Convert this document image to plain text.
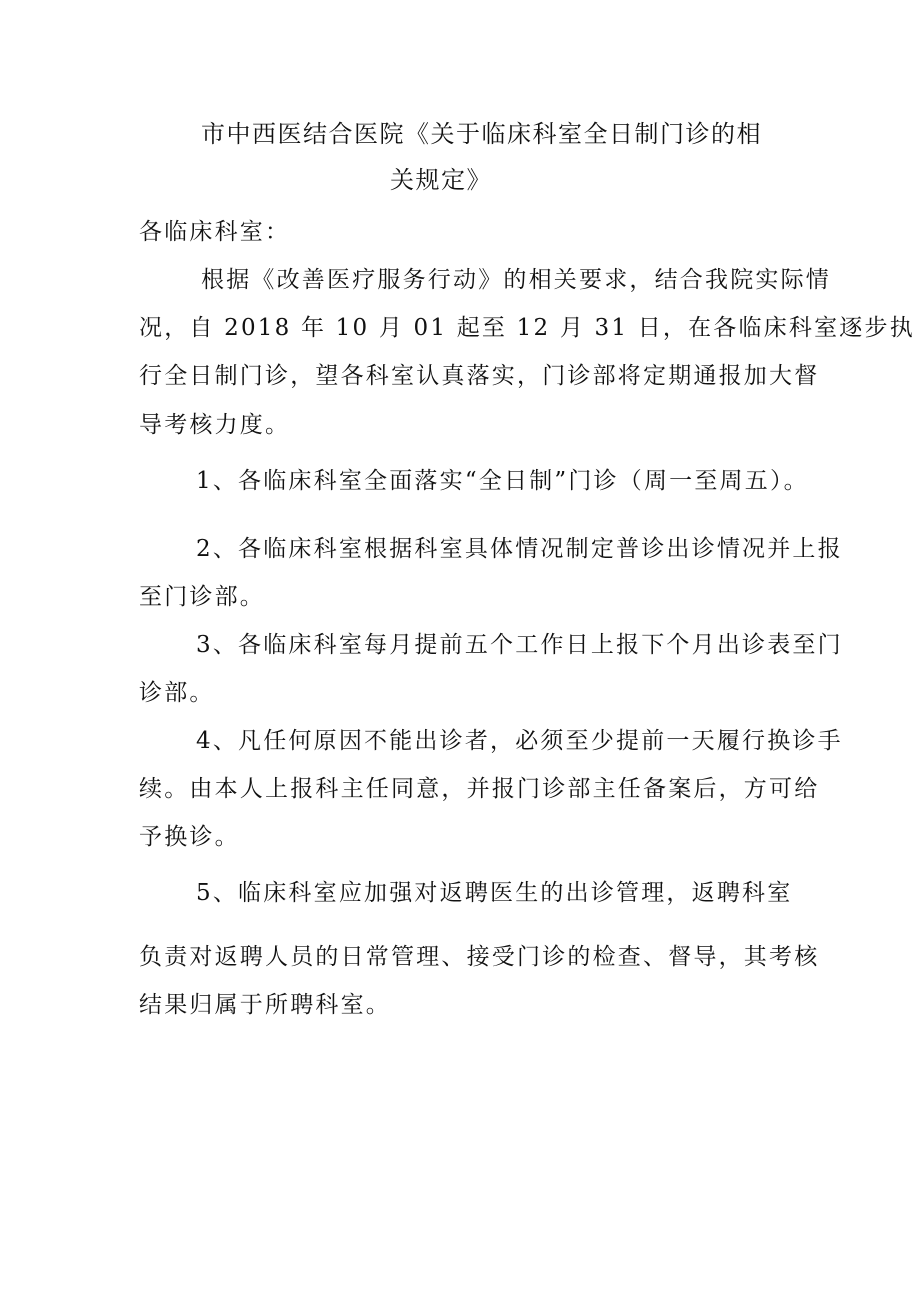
市中西医结合医院《关于临床科室全日制门诊的相

关规定》

各临床科室：

根据《改善医疗服务行动》的相关要求，结合我院实际情

况，自 2018 年 10 月 01 起至 12 月 31 日，在各临床科室逐步执

行全日制门诊，望各科室认真落实，门诊部将定期通报加大督

导考核力度。

1、各临床科室全面落实“全日制”门诊（周一至周五）。

2、各临床科室根据科室具体情况制定普诊出诊情况并上报

至门诊部。

3、各临床科室每月提前五个工作日上报下个月出诊表至门

诊部。

4、凡任何原因不能出诊者，必须至少提前一天履行换诊手

续。由本人上报科主任同意，并报门诊部主任备案后，方可给

予换诊。

5、临床科室应加强对返聘医生的出诊管理，返聘科室

负责对返聘人员的日常管理、接受门诊的检查、督导，其考核

结果归属于所聘科室。
